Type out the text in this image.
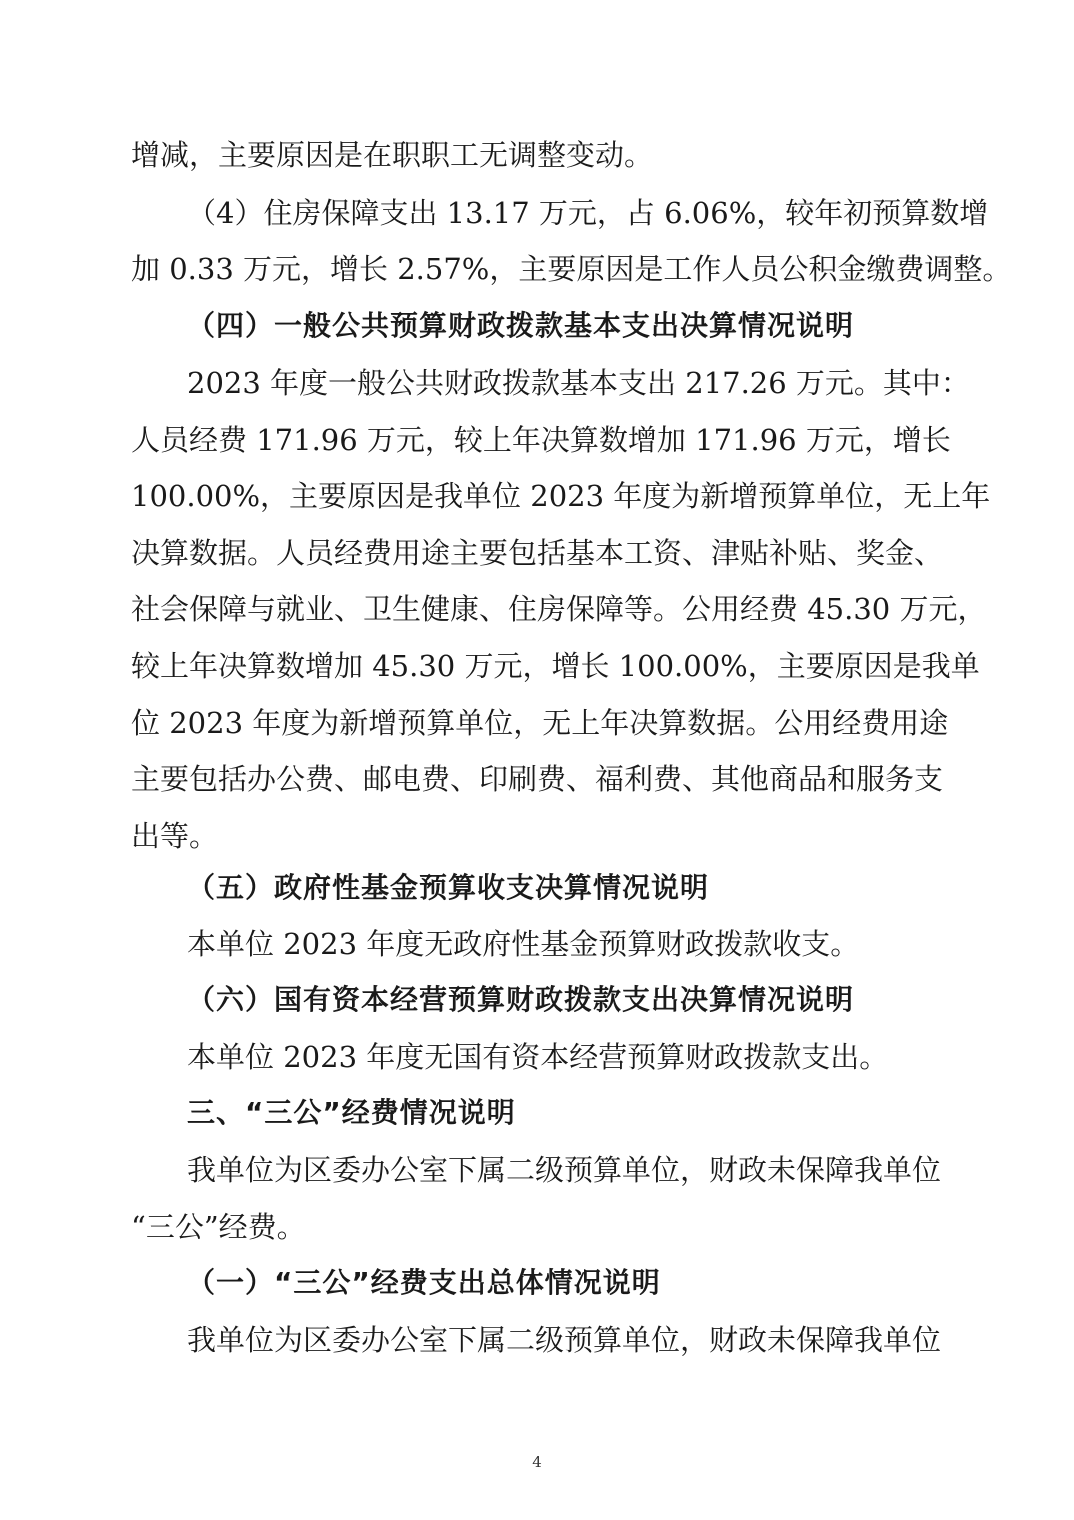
增减，主要原因是在职职工无调整变动。
（4）住房保障支出 13.17 万元，占 6.06%，较年初预算数增
加 0.33 万元，增长 2.57%，主要原因是工作人员公积金缴费调整。
（四）一般公共预算财政拨款基本支出决算情况说明
2023 年度一般公共财政拨款基本支出 217.26 万元。其中：
人员经费 171.96 万元，较上年决算数增加 171.96 万元，增长
100.00%，主要原因是我单位 2023 年度为新增预算单位，无上年
决算数据。人员经费用途主要包括基本工资、津贴补贴、奖金、
社会保障与就业、卫生健康、住房保障等。公用经费 45.30 万元，
较上年决算数增加 45.30 万元，增长 100.00%，主要原因是我单
位 2023 年度为新增预算单位，无上年决算数据。公用经费用途
主要包括办公费、邮电费、印刷费、福利费、其他商品和服务支
出等。
（五）政府性基金预算收支决算情况说明
本单位 2023 年度无政府性基金预算财政拨款收支。
（六）国有资本经营预算财政拨款支出决算情况说明
本单位 2023 年度无国有资本经营预算财政拨款支出。
三、“三公”经费情况说明
我单位为区委办公室下属二级预算单位，财政未保障我单位
“三公”经费。
（一）“三公”经费支出总体情况说明
我单位为区委办公室下属二级预算单位，财政未保障我单位
4
